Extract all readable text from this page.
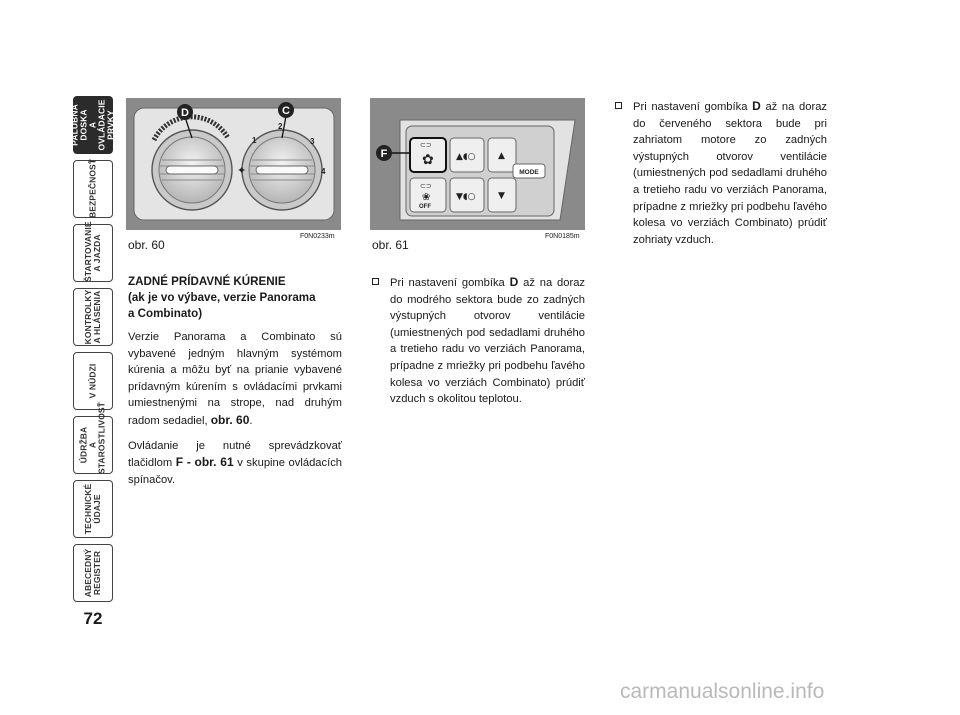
PALUBNÁ DOSKA
A OVLÁDACIE PRVKY
BEZPEČNOSŤ
ŠTARTOVANIE
A JAZDA
KONTROLKY
A HLÁSENIA
V NÚDZI
ÚDRŽBA
A STAROSTLIVOSŤ
TECHNICKÉ
ÚDAJE
ABECEDNÝ
REGISTER
72
✦
1
2
3
4
D	C
obr. 60
F0N0233m
⊂⊃
✿
⊂⊃
❀
OFF
▲◖○
▼◖○
▲
▼
MODE
F
obr. 61
F0N0185m
ZADNÉ PRÍDAVNÉ KÚRENIE
(ak je vo výbave, verzie Panorama
a Combinato)

Verzie Panorama a Combinato sú vybavené jedným hlavným systémom kúrenia a môžu byť na prianie vybavené prídavným kúrením s ovládacími prvkami umiestnenými na strope, nad druhým radom sedadiel, obr. 60.

Ovládanie je nutné sprevádzkovať tlačidlom F - obr. 61 v skupine ovládacích spínačov.

Pri nastavení gombíka D až na doraz do modrého sektora bude zo zadných výstupných otvorov ventilácie (umiestnených pod sedadlami druhého a tretieho radu vo verziách Panorama, prípadne z mriežky pri podbehu ľavého kolesa vo verziách Combinato) prúdiť vzduch s okolitou teplotou.
Pri nastavení gombíka D až na doraz do červeného sektora bude pri zahriatom motore zo zadných výstupných otvorov ventilácie (umiestnených pod sedadlami druhého a tretieho radu vo verziách Panorama, prípadne z mriežky pri podbehu ľavého kolesa vo verziách Combinato) prúdiť zohriaty vzduch.
carmanualsonline.info
